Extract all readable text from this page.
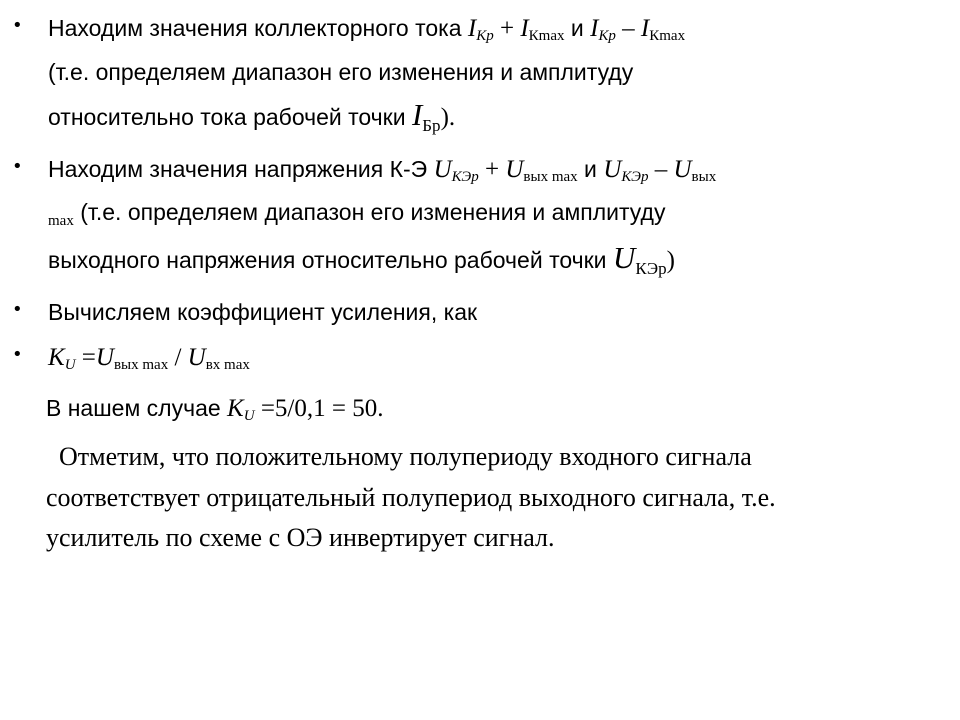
• Находим значения коллекторного тока $I_{Кр} + I_{Кmax}$ и $I_{Кр} - I_{Кmax}$
(т.е. определяем диапазон его изменения и амплитуду
относительно тока рабочей точки $I_{Бр}$).
• Находим значения напряжения К-Э $U_{КЭр} + U_{вых max}$ и $U_{КЭр} - U_{вых}$
$_{max}$ (т.е. определяем диапазон его изменения и амплитуду
выходного напряжения относительно рабочей точки $U_{КЭр}$)
• Вычисляем коэффициент усиления, как
• $K_U =U_{вых max} / U_{вх max}$
В нашем случае $K_U =5/0,1 = 50$.
Отметим, что положительному полупериоду входного сигнала
соответствует отрицательный полупериод выходного сигнала, т.е.
усилитель по схеме с ОЭ инвертирует сигнал.
